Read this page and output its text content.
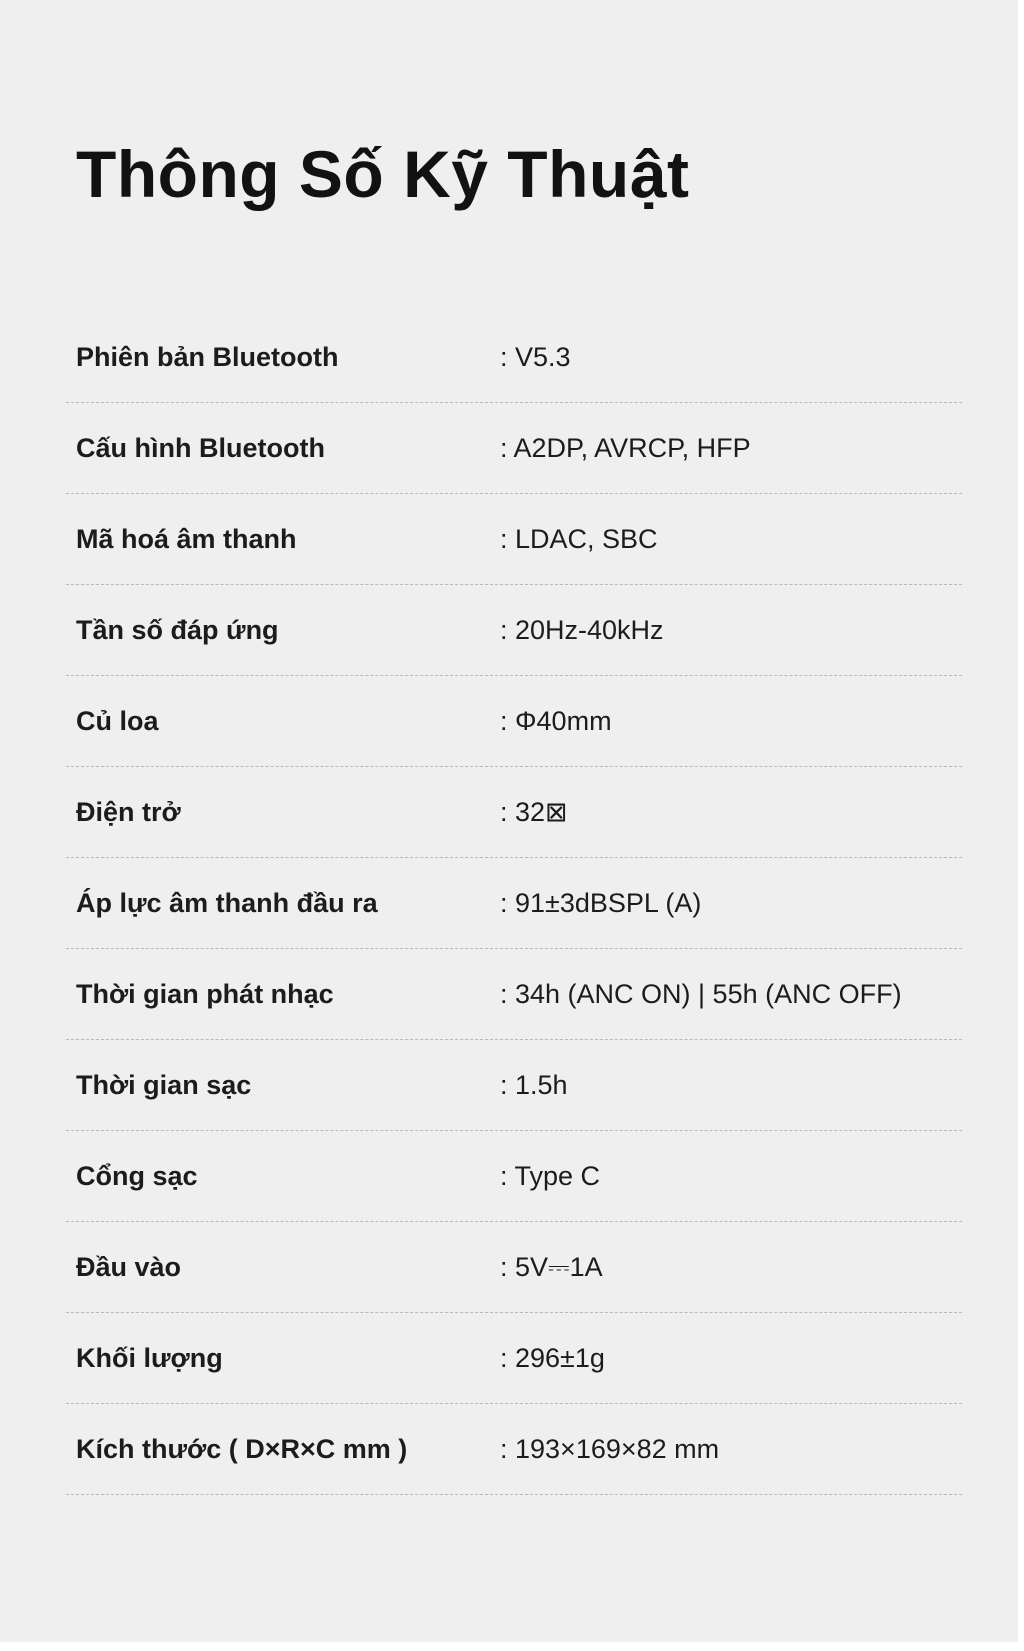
Thông Số Kỹ Thuật
Phiên bản Bluetooth	: V5.3
Cấu hình Bluetooth	: A2DP, AVRCP, HFP
Mã hoá âm thanh	: LDAC, SBC
Tần số đáp ứng	: 20Hz-40kHz
Củ loa	: Φ40mm
Điện trở	: 32⊠
Áp lực âm thanh đầu ra	: 91±3dBSPL (A)
Thời gian phát nhạc	: 34h (ANC ON) | 55h (ANC OFF)
Thời gian sạc	: 1.5h
Cổng sạc	: Type C
Đầu vào	: 5V⎓1A
Khối lượng	: 296±1g
Kích thước ( D×R×C mm )	: 193×169×82 mm
